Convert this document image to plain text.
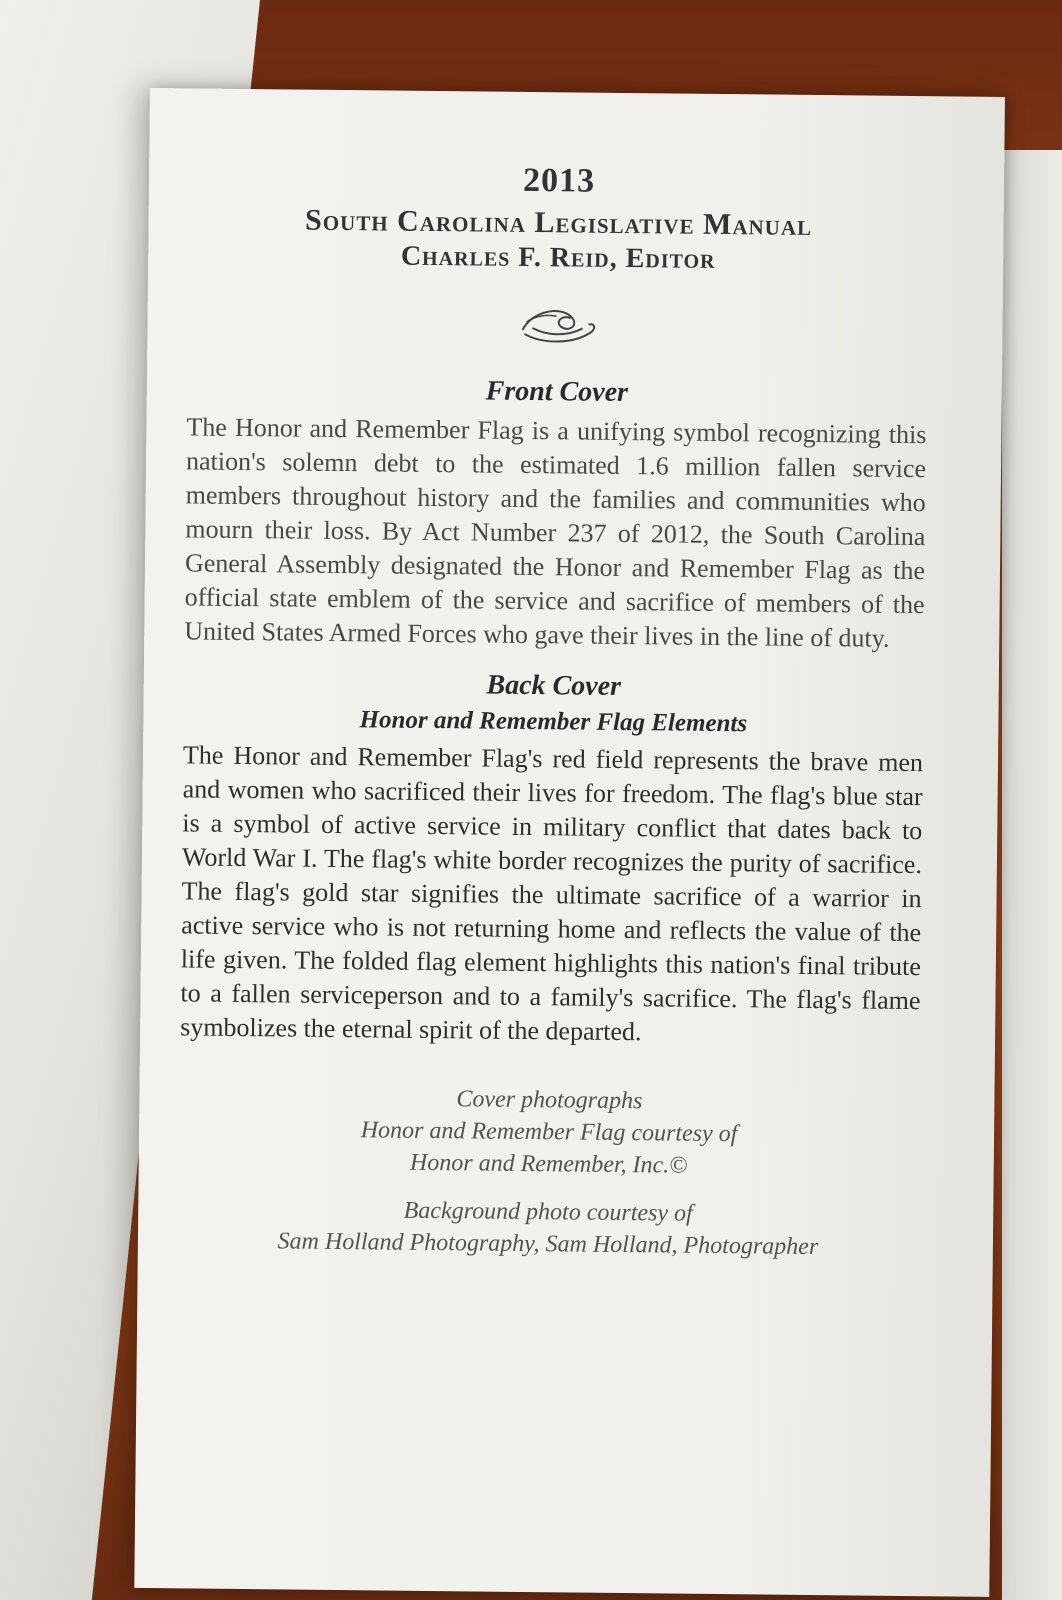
2013
South Carolina Legislative Manual
Charles F. Reid, Editor
Front Cover

The Honor and Remember Flag is a unifying symbol recognizing this nation's solemn debt to the estimated 1.6 million fallen service members throughout history and the families and communities who mourn their loss. By Act Number 237 of 2012, the South Carolina General Assembly designated the Honor and Remember Flag as the official state emblem of the service and sacrifice of members of the United States Armed Forces who gave their lives in the line of duty.

Back Cover
Honor and Remember Flag Elements

The Honor and Remember Flag's red field represents the brave men and women who sacrificed their lives for freedom. The flag's blue star is a symbol of active service in military conflict that dates back to World War I. The flag's white border recognizes the purity of sacrifice. The flag's gold star signifies the ultimate sacrifice of a warrior in active service who is not returning home and reflects the value of the life given. The folded flag element highlights this nation's final tribute to a fallen serviceperson and to a family's sacrifice. The flag's flame symbolizes the eternal spirit of the departed.

Cover photographs

Honor and Remember Flag courtesy of

Honor and Remember, Inc.©

Background photo courtesy of

Sam Holland Photography, Sam Holland, Photographer
